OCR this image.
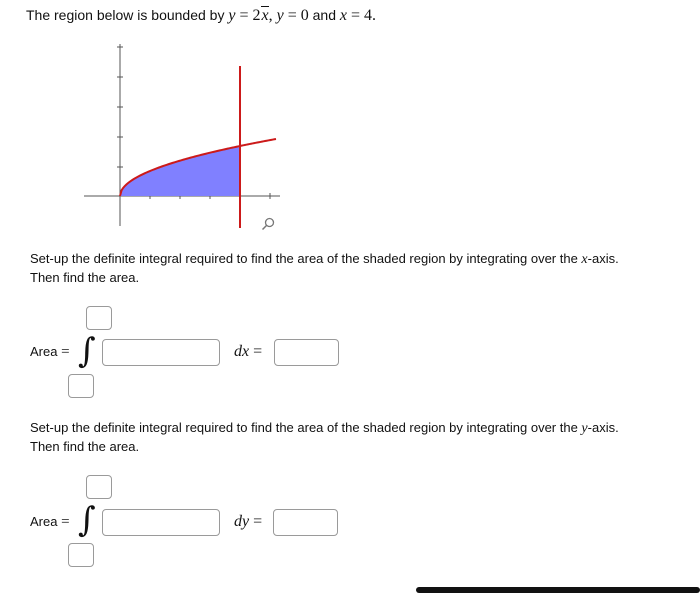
The region below is bounded by y = 2x, y = 0 and x = 4.
Set-up the definite integral required to find the area of the shaded region by integrating over the x-axis.
Then find the area.
Area = ∫	dx =
Set-up the definite integral required to find the area of the shaded region by integrating over the y-axis.
Then find the area.
Area = ∫	dy =
